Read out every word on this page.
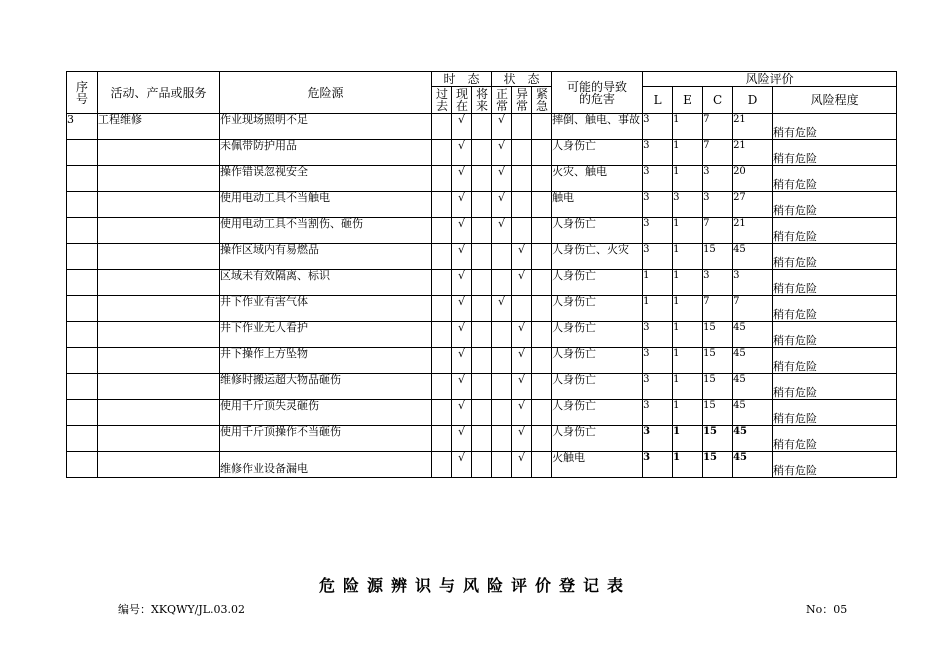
序号	活动、产品或服务	危险源	时　态			状　态			可能的导致的危害	风险评价				
			过去	现在	将来	正常	异常	紧急		L	E	C	D	风险程度
3	工程维修	作业现场照明不足		√		√			摔倒、触电、事故	3	1	7	21	稍有危险
		未佩带防护用品		√		√			人身伤亡	3	1	7	21	稍有危险
		操作错误忽视安全		√		√			火灾、触电	3	1	3	20	稍有危险
		使用电动工具不当触电		√		√			触电	3	3	3	27	稍有危险
		使用电动工具不当割伤、砸伤		√		√			人身伤亡	3	1	7	21	稍有危险
		操作区域内有易燃品		√			√		人身伤亡、火灾	3	1	15	45	稍有危险
		区域未有效隔离、标识		√			√		人身伤亡	1	1	3	3	稍有危险
		井下作业有害气体		√		√			人身伤亡	1	1	7	7	稍有危险
		井下作业无人看护		√			√		人身伤亡	3	1	15	45	稍有危险
		井下操作上方坠物		√			√		人身伤亡	3	1	15	45	稍有危险
		维修时搬运超大物品砸伤		√			√		人身伤亡	3	1	15	45	稍有危险
		使用千斤顶失灵砸伤		√			√		人身伤亡	3	1	15	45	稍有危险
		使用千斤顶操作不当砸伤		√			√		人身伤亡	3	1	15	45	稍有危险
		维修作业设备漏电		√			√		火触电	3	1	15	45	稍有危险
危险源辨识与风险评价登记表
编号：XKQWY/JL.03.02	No：05
